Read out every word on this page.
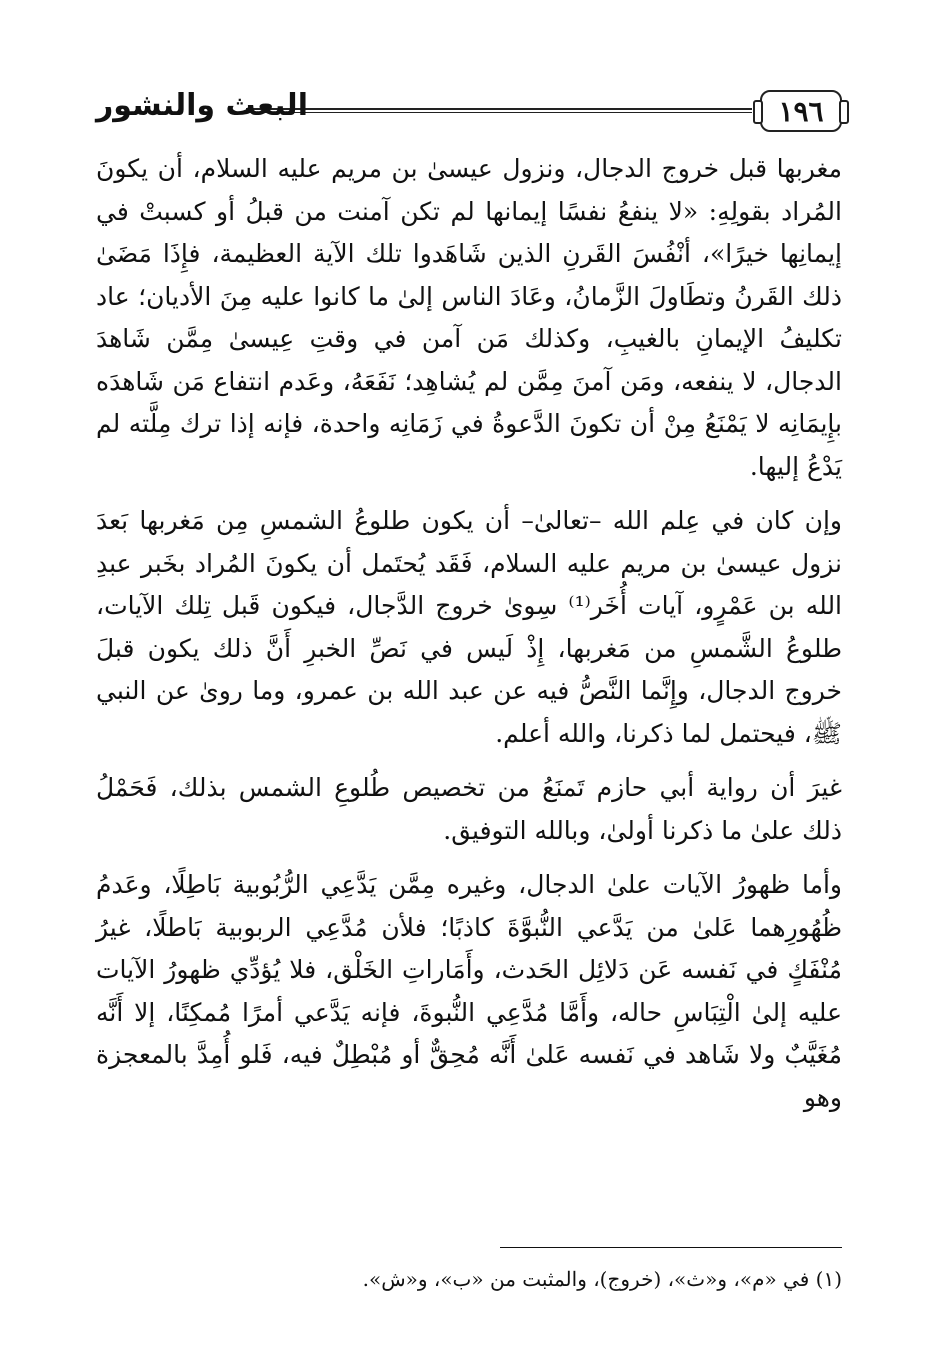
١٩٦
البعث والنشور

مغربها قبل خروج الدجال، ونزول عيسىٰ بن مريم عليه السلام، أن يكونَ المُراد بقولِهِ: «لا ينفعُ نفسًا إيمانها لم تكن آمنت من قبلُ أو كسبتْ في إيمانِها خيرًا»، أنْفُسَ القَرنِ الذين شَاهَدوا تلك الآية العظيمة، فإِذَا مَضَىٰ ذلك القَرنُ وتطَاولَ الزَّمانُ، وعَادَ الناس إلىٰ ما كانوا عليه مِنَ الأديان؛ عاد تكليفُ الإيمانِ بالغيبِ، وكذلك مَن آمن في وقتِ عِيسىٰ مِمَّن شَاهدَ الدجال، لا ينفعه، ومَن آمنَ مِمَّن لم يُشاهِد؛ نَفَعَهُ، وعَدم انتفاع مَن شَاهدَه بإِيمَانِه لا يَمْنَعُ مِنْ أن تكونَ الدَّعوةُ في زَمَانِه واحدة، فإنه إذا ترك مِلَّته لم يَدْعُ إليها.

وإن كان في عِلم الله –تعالىٰ– أن يكون طلوعُ الشمسِ مِن مَغربها بَعدَ نزول عيسىٰ بن مريم عليه السلام، فَقَد يُحتَمل أن يكونَ المُراد بخَبر عبدِ الله بن عَمْرٍو، آيات أُخَر⁽¹⁾ سِوىٰ خروج الدَّجال، فيكون قَبل تِلك الآيات، طلوعُ الشَّمسِ من مَغربها، إِذْ لَيس في نَصِّ الخبرِ أَنَّ ذلك يكون قبلَ خروج الدجال، وإِنَّما النَّصُّ فيه عن عبد الله بن عمرو، وما روىٰ عن النبي ﷺ، فيحتمل لما ذكرنا، والله أعلم.

غيرَ أن رواية أبي حازم تَمنَعُ من تخصيص طُلوعِ الشمس بذلك، فَحَمْلُ ذلك علىٰ ما ذكرنا أولىٰ، وبالله التوفيق.

وأما ظهورُ الآيات علىٰ الدجال، وغيره مِمَّن يَدَّعِي الرُّبُوبية بَاطِلًا، وعَدمُ ظُهُورِهما عَلىٰ من يَدَّعي النُّبوَّةَ كاذبًا؛ فلأن مُدَّعِي الربوبية بَاطلًا، غيرُ مُنْفَكٍ في نَفسه عَن دَلائِل الحَدث، وأَمَاراتِ الخَلْق، فلا يُؤدِّي ظهورُ الآيات عليه إلىٰ الْتِبَاسِ حاله، وأَمَّا مُدَّعِي النُّبوةَ، فإنه يَدَّعي أمرًا مُمكِنًا، إلا أَنَّه مُغَيَّبٌ ولا شَاهد في نَفسه عَلىٰ أَنَّه مُحِقٌّ أو مُبْطِلٌ فيه، فَلو أُمِدَّ بالمعجزة وهو

(١) في «م»، و«ث»، (خروج)، والمثبت من «ب»، و«ش».
